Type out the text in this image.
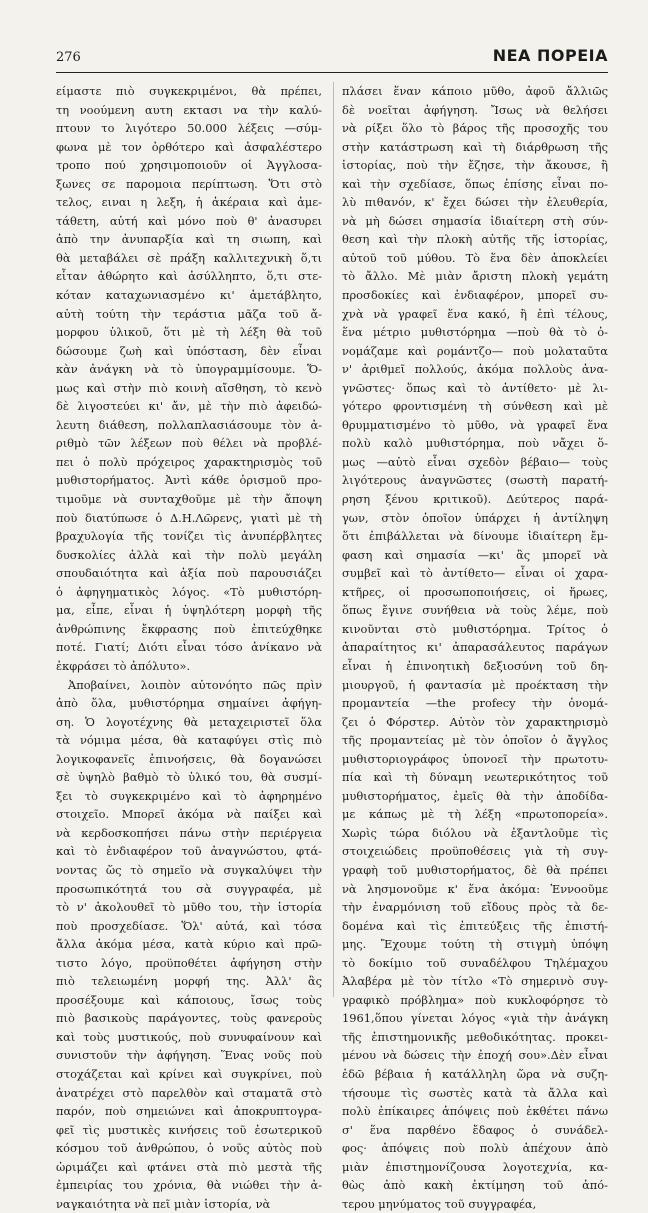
276	ΝΕΑ ΠΟΡΕΙΑ
είμαστε πιὸ συγκεκριμένοι, θὰ πρέπει,
τη νοούμενη αυτη εκτασι να τὴν καλύ-
πτουν το λιγότερο 50.000 λέξεις —σύμ-
φωνα μὲ τον ὀρθότερο καὶ ἀσφαλέστερο
τροπο πού χρησιμοποιοῦν οἱ Ἀγγλοσα-
ξωνες σε παρομοια περίπτωση. Ὅτι στὸ
τελος, ειναι η λεξη, ἡ ἀκέραια καὶ ἀμε-
τάθετη, αὐτή καὶ μόνο ποὺ θ' ἀνασυρει
ἀπὸ την ἀνυπαρξία καὶ τη σιωπη, καὶ
θὰ μεταβάλει σὲ πράξη καλλιτεχνικὴ ὅ,τι
εἶταν ἀθώρητο καὶ ἀσύλληπτο, ὅ,τι στε-
κόταν καταχωνιασμένο κι' ἀμετάβλητο,
αὐτὴ τούτη τὴν τεράστια μᾶζα τοῦ ἄ-
μορφου ὑλικοῦ, ὅτι μὲ τὴ λέξη θὰ τοῦ
δώσουμε ζωὴ καὶ ὑπόσταση, δὲν εἶναι
κὰν ἀνάγκη νὰ τὸ ὑπογραμμίσουμε. Ὅ-
μως καὶ στὴν πιὸ κοινὴ αἴσθηση, τὸ κενὸ
δὲ λιγοστεύει κι' ἄν, μὲ τὴν πιὸ ἀφειδώ-
λευτη διάθεση, πολλαπλασιάσουμε τὸν ἀ-
ριθμὸ τῶν λέξεων ποὺ θέλει νὰ προβλέ-
πει ὁ πολὺ πρόχειρος χαρακτηρισμὸς τοῦ
μυθιστορήματος. Ἀντὶ κάθε ὁρισμοῦ προ-
τιμοῦμε νὰ συνταχθοῦμε μὲ τὴν ἄποψη
ποὺ διατύπωσε ὁ Δ.Η.Λῶρενς, γιατὶ μὲ τὴ
βραχυλογία τῆς τονίζει τὶς ἀνυπέρβλητες
δυσκολίες ἀλλὰ καὶ τὴν πολὺ μεγάλη
σπουδαιότητα καὶ ἀξία ποὺ παρουσιάζει
ὁ ἀφηγηματικὸς λόγος. «Τὸ μυθιστόρη-
μα, εἶπε, εἶναι ἡ ὑψηλότερη μορφὴ τῆς
ἀνθρώπινης ἔκφρασης ποὺ ἐπιτεύχθηκε
ποτέ. Γιατί; Διότι εἶναι τόσο ἀνίκανο νὰ
ἐκφράσει τὸ ἀπόλυτο».
Ἀποβαίνει, λοιπὸν αὐτονόητο πῶς πρὶν
ἀπὸ ὅλα, μυθιστόρημα σημαίνει ἀφήγη-
ση. Ὁ λογοτέχνης θὰ μεταχειριστεῖ ὅλα
τὰ νόμιμα μέσα, θὰ καταφύγει στὶς πιὸ
λογικοφανεῖς ἐπινοήσεις, θὰ δογανώσει
σὲ ὑψηλὸ βαθμὸ τὸ ὑλικό του, θὰ συσμί-
ξει τὸ συγκεκριμένο καὶ τὸ ἀφηρημένο
στοιχεῖο. Μπορεῖ ἀκόμα νὰ παίξει καὶ
νὰ κερδοσκοπήσει πάνω στὴν περιέργεια
καὶ τὸ ἐνδιαφέρον τοῦ ἀναγνώστου, φτά-
νοντας ὥς τὸ σημεῖο νὰ συγκαλύψει τὴν
προσωπικότητά του σὰ συγγραφέα, μὲ
τὸ ν' ἀκολουθεῖ τὸ μῦθο του, τὴν ἱστορία
ποὺ προσχεδίασε. Ὅλ' αὐτά, καὶ τόσα
ἄλλα ἀκόμα μέσα, κατὰ κύριο καὶ πρῶ-
τιστο λόγο, προϋποθέτει ἀφήγηση στὴν
πιὸ τελειωμένη μορφή της. Ἀλλ' ἂς
προσέξουμε καὶ κάποιους, ἴσως τοὺς
πιὸ βασικοὺς παράγοντες, τοὺς φανεροὺς
καὶ τοὺς μυστικούς, ποὺ συνυφαίνουν καὶ
συνιστοῦν τὴν ἀφήγηση. Ἕνας νοῦς ποὺ
στοχάζεται καὶ κρίνει καὶ συγκρίνει, ποὺ
ἀνατρέχει στὸ παρελθὸν καὶ σταματᾶ στὸ
παρόν, ποὺ σημειώνει καὶ ἀποκρυπτογρα-
φεῖ τὶς μυστικὲς κινήσεις τοῦ ἐσωτερικοῦ
κόσμου τοῦ ἀνθρώπου, ὁ νοῦς αὐτὸς ποὺ
ὡριμάζει καὶ φτάνει στὰ πιὸ μεστὰ τῆς
ἐμπειρίας του χρόνια, θὰ νιώθει τὴν ἀ-
ναγκαιότητα νὰ πεῖ μιὰν ἱστορία, νὰ
πλάσει ἕναν κάποιο μῦθο, ἀφοῦ ἄλλιῶς
δὲ νοεῖται ἀφήγηση. Ἴσως νὰ θελήσει
νὰ ρίξει ὅλο τὸ βάρος τῆς προσοχῆς του
στὴν κατάστρωση καὶ τὴ διάρθρωση τῆς
ἱστορίας, ποὺ τὴν ἔζησε, τὴν ἄκουσε, ἢ
καὶ τὴν σχεδίασε, ὅπως ἐπίσης εἶναι πο-
λὺ πιθανόν, κ' ἔχει δώσει τὴν ἐλευθερία,
νὰ μὴ δώσει σημασία ἰδιαίτερη στὴ σύν-
θεση καὶ τὴν πλοκὴ αὐτῆς τῆς ἱστορίας,
αὐτοῦ τοῦ μύθου. Τὸ ἕνα δὲν ἀποκλείει
τὸ ἄλλο. Μὲ μιὰν ἄριστη πλοκὴ γεμάτη
προσδοκίες καὶ ἐνδιαφέρον, μπορεῖ συ-
χνὰ νὰ γραφεῖ ἕνα κακό, ἢ ἐπὶ τέλους,
ἕνα μέτριο μυθιστόρημα —ποὺ θὰ τὸ ὀ-
νομάζαμε καὶ ρομάντζο— ποὺ μολαταῦτα
ν' ἀριθμεῖ πολλούς, ἀκόμα πολλοὺς ἀνα-
γνῶστες· ὅπως καὶ τὸ ἀντίθετο· μὲ λι-
γότερο φροντισμένη τὴ σύνθεση καὶ μὲ
θρυμματισμένο τὸ μῦθο, νὰ γραφεῖ ἕνα
πολὺ καλὸ μυθιστόρημα, ποὺ νἄχει ὅ-
μως —αὐτὸ εἶναι σχεδὸν βέβαιο— τοὺς
λιγότερους ἀναγνῶστες (σωστὴ παρατή-
ρηση ξένου κριτικοῦ). Δεύτερος παρά-
γων, στὸν ὁποῖον ὑπάρχει ἡ ἀντίληψη
ὅτι ἐπιβάλλεται νὰ δίνουμε ἰδιαίτερη ἔμ-
φαση καὶ σημασία —κι' ἂς μπορεῖ νὰ
συμβεῖ καὶ τὸ ἀντίθετο— εἶναι οἱ χαρα-
κτῆρες, οἱ προσωποποιήσεις, οἱ ἥρωες,
ὅπως ἔγινε συνήθεια νὰ τοὺς λέμε, ποὺ
κινοῦνται στὸ μυθιστόρημα. Τρίτος ὁ
ἀπαραίτητος κι' ἀπαρασάλευτος παράγων
εἶναι ἡ ἐπινοητικὴ δεξιοσύνη τοῦ δη-
μιουργοῦ, ἡ φαντασία μὲ προέκταση τὴν
προμαντεία —the profecy τὴν ὀνομά-
ζει ὁ Φόρστερ. Αὐτὸν τὸν χαρακτηρισμὸ
τῆς προμαντείας μὲ τὸν ὁποῖον ὁ ἄγγλος
μυθιστοριογράφος ὑπονοεῖ τὴν πρωτοτυ-
πία καὶ τὴ δύναμη νεωτερικότητος τοῦ
μυθιστορήματος, ἐμεῖς θὰ τὴν ἀποδίδα-
με κάπως μὲ τὴ λέξη «πρωτοπορεία».
Χωρὶς τώρα διόλου νὰ ἐξαντλοῦμε τὶς
στοιχειώδεις προϋποθέσεις γιὰ τὴ συγ-
γραφὴ τοῦ μυθιστορήματος, δὲ θὰ πρέπει
νὰ λησμονοῦμε κ' ἕνα ἀκόμα: Ἐννοοῦμε
τὴν ἐναρμόνιση τοῦ εἴδους πρὸς τὰ δε-
δομένα καὶ τὶς ἐπιτεύξεις τῆς ἐπιστή-
μης. Ἔχουμε τούτη τὴ στιγμὴ ὑπόψη
τὸ δοκίμιο τοῦ συναδέλφου Τηλέμαχου
Ἀλαβέρα μὲ τὸν τίτλο «Τὸ σημερινὸ συγ-
γραφικὸ πρόβλημα» ποὺ κυκλοφόρησε τὸ
1961,ὅπου γίνεται λόγος «γιὰ τὴν ἀνάγκη
τῆς ἐπιστημονικῆς μεθοδικότητας. προκει-
μένου νὰ δώσεις τὴν ἐποχή σου».Δὲν εἶναι
ἐδῶ βέβαια ἡ κατάλληλη ὥρα νὰ συζη-
τήσουμε τὶς σωστὲς κατὰ τὰ ἄλλα καὶ
πολὺ ἐπίκαιρες ἀπόψεις ποὺ ἐκθέτει πάνω
σ' ἕνα παρθένο ἔδαφος ὁ συνάδελ-
φος· ἀπόψεις ποὺ πολὺ ἀπέχουν ἀπὸ
μιὰν ἐπιστημονίζουσα λογοτεχνία, κα-
θὼς ἀπὸ κακὴ ἐκτίμηση τοῦ ἀπό-
τερου μηνύματος τοῦ συγγραφέα,
